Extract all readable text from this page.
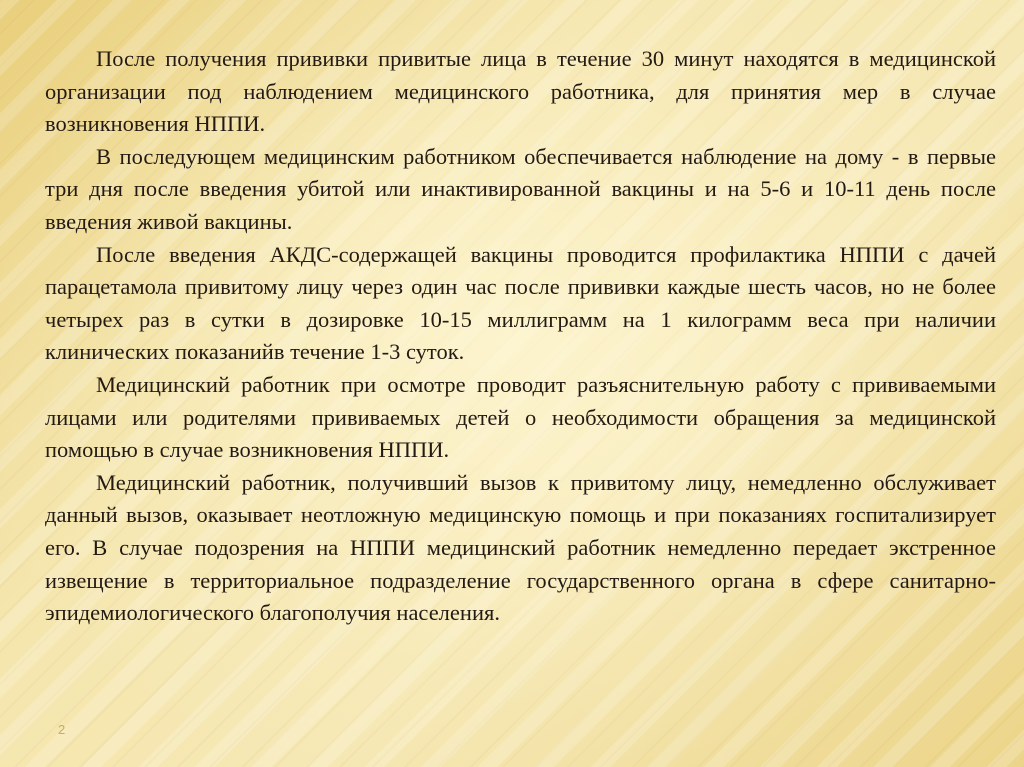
После получения прививки привитые лица в течение 30 минут находятся в медицинской организации под наблюдением медицинского работника, для принятия мер в случае возникновения НППИ.

В последующем медицинским работником обеспечивается наблюдение на дому - в первые три дня после введения убитой или инактивированной вакцины и на 5-6 и 10-11 день после введения живой вакцины.

После введения АКДС-содержащей вакцины проводится профилактика НППИ с дачей парацетамола привитому лицу через один час после прививки каждые шесть часов, но не более четырех раз в сутки в дозировке 10-15 миллиграмм на 1 килограмм веса при наличии клинических показанийв течение 1-3 суток.

Медицинский работник при осмотре проводит разъяснительную работу с прививаемыми лицами или родителями прививаемых детей о необходимости обращения за медицинской помощью в случае возникновения НППИ.

Медицинский работник, получивший вызов к привитому лицу, немедленно обслуживает данный вызов, оказывает неотложную медицинскую помощь и при показаниях госпитализирует его. В случае подозрения на НППИ медицинский работник немедленно передает экстренное извещение в территориальное подразделение государственного органа в сфере санитарно-эпидемиологического благополучия населения.

2
